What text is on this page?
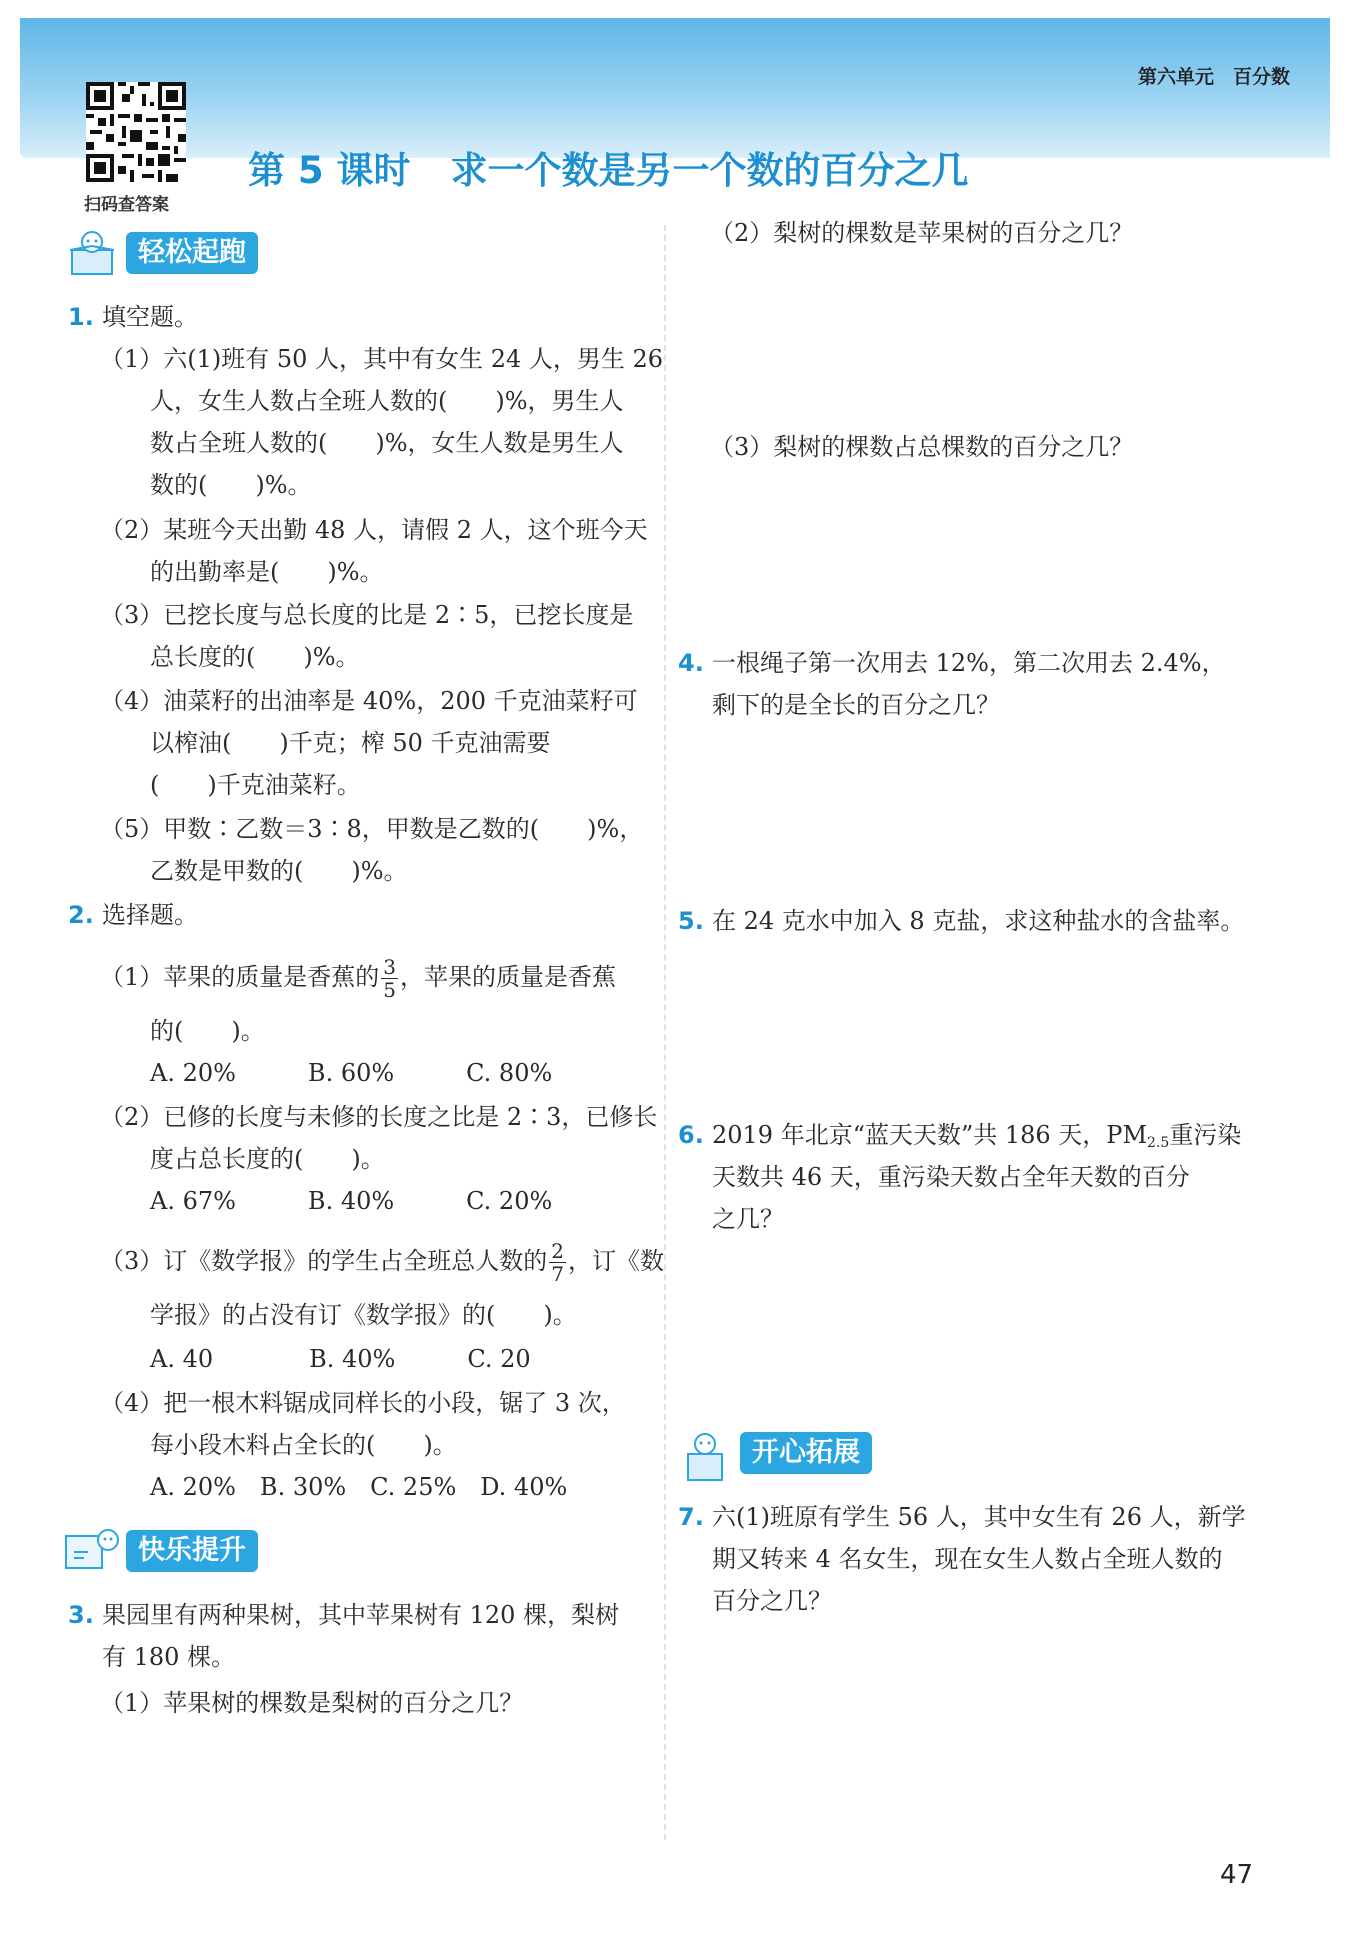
第六单元　百分数
扫码查答案
第 5 课时 求一个数是另一个数的百分之几
轻松起跑
1. 填空题。
（1）六(1)班有 50 人，其中有女生 24 人，男生 26
人，女生人数占全班人数的(　　)%，男生人
数占全班人数的(　　)%，女生人数是男生人
数的(　　)%。
（2）某班今天出勤 48 人，请假 2 人，这个班今天
的出勤率是(　　)%。
（3）已挖长度与总长度的比是 2∶5，已挖长度是
总长度的(　　)%。
（4）油菜籽的出油率是 40%，200 千克油菜籽可
以榨油(　　)千克；榨 50 千克油需要
(　　)千克油菜籽。
（5）甲数∶乙数＝3∶8，甲数是乙数的(　　)%，
乙数是甲数的(　　)%。
2. 选择题。
（1）苹果的质量是香蕉的 $\frac{3}{5}$ ，苹果的质量是香蕉
的(　　)。
A. 20%　　　B. 60%　　　C. 80%
（2）已修的长度与未修的长度之比是 2∶3，已修长
度占总长度的(　　)。
A. 67%　　　B. 40%　　　C. 20%
（3）订《数学报》的学生占全班总人数的 $\frac{2}{7}$ ，订《数
学报》的占没有订《数学报》的(　　)。
A. 40　　　　B. 40%　　　C. 20
（4）把一根木料锯成同样长的小段，锯了 3 次，
每小段木料占全长的(　　)。
A. 20%　B. 30%　C. 25%　D. 40%
快乐提升
3. 果园里有两种果树，其中苹果树有 120 棵，梨树
有 180 棵。
（1）苹果树的棵数是梨树的百分之几？
（2）梨树的棵数是苹果树的百分之几？
（3）梨树的棵数占总棵数的百分之几？
4. 一根绳子第一次用去 12%，第二次用去 2.4%，
剩下的是全长的百分之几？
5. 在 24 克水中加入 8 克盐，求这种盐水的含盐率。
6. 2019 年北京“蓝天天数”共 186 天，$PM_{2.5}$重污染
天数共 46 天，重污染天数占全年天数的百分
之几？
开心拓展
7. 六(1)班原有学生 56 人，其中女生有 26 人，新学
期又转来 4 名女生，现在女生人数占全班人数的
百分之几？
47
